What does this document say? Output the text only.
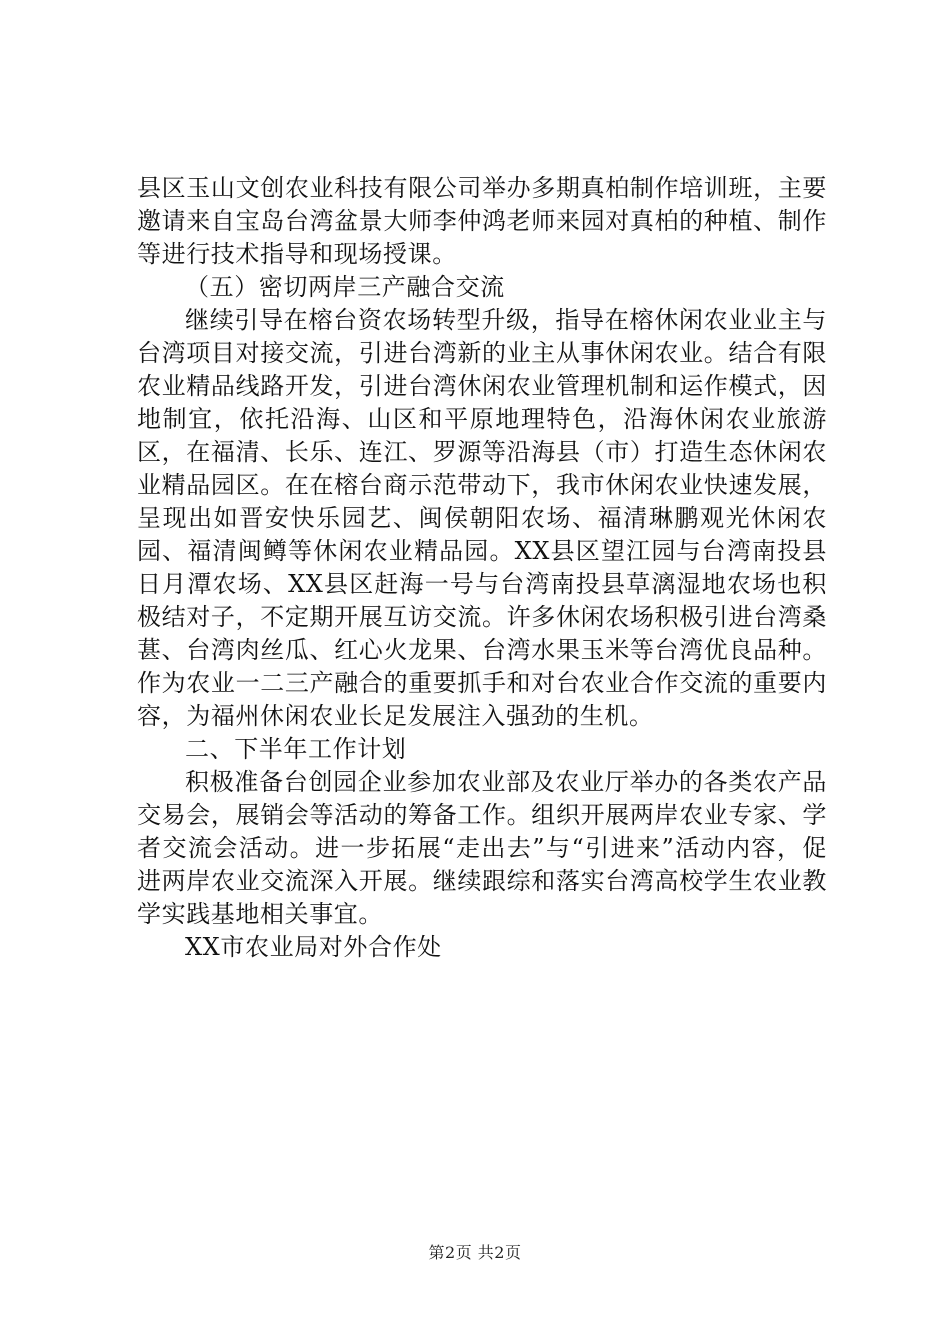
县区玉山文创农业科技有限公司举办多期真柏制作培训班，主要邀请来自宝岛台湾盆景大师李仲鸿老师来园对真柏的种植、制作等进行技术指导和现场授课。

（五）密切两岸三产融合交流

继续引导在榕台资农场转型升级，指导在榕休闲农业业主与台湾项目对接交流，引进台湾新的业主从事休闲农业。结合有限农业精品线路开发，引进台湾休闲农业管理机制和运作模式，因地制宜，依托沿海、山区和平原地理特色，沿海休闲农业旅游区，在福清、长乐、连江、罗源等沿海县（市）打造生态休闲农业精品园区。在在榕台商示范带动下，我市休闲农业快速发展，呈现出如晋安快乐园艺、闽侯朝阳农场、福清琳鹏观光休闲农园、福清闽鳟等休闲农业精品园。XX县区望江园与台湾南投县日月潭农场、XX县区赶海一号与台湾南投县草漓湿地农场也积极结对子，不定期开展互访交流。许多休闲农场积极引进台湾桑葚、台湾肉丝瓜、红心火龙果、台湾水果玉米等台湾优良品种。作为农业一二三产融合的重要抓手和对台农业合作交流的重要内容，为福州休闲农业长足发展注入强劲的生机。

二、下半年工作计划

积极准备台创园企业参加农业部及农业厅举办的各类农产品交易会，展销会等活动的筹备工作。组织开展两岸农业专家、学者交流会活动。进一步拓展“走出去”与“引进来”活动内容，促进两岸农业交流深入开展。继续跟综和落实台湾高校学生农业教学实践基地相关事宜。

XX市农业局对外合作处

第2页 共2页
